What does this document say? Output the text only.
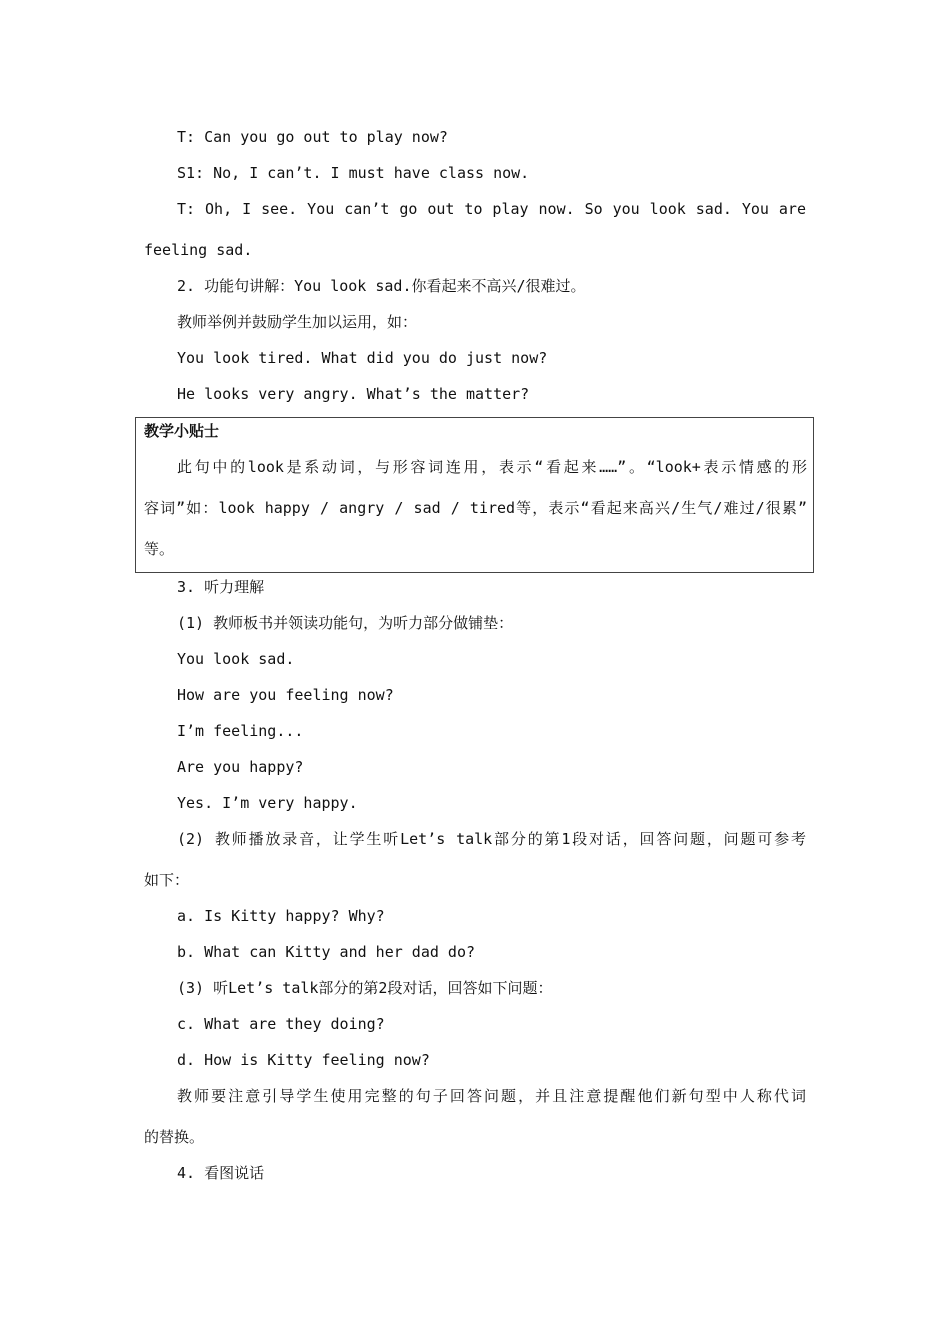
T: Can you go out to play now?
S1: No, I can’t. I must have class now.
T: Oh, I see. You can’t go out to play now. So you look sad. You are
feeling sad.
2. 功能句讲解：You look sad.你看起来不高兴/很难过。
教师举例并鼓励学生加以运用，如：
You look tired. What did you do just now?
He looks very angry. What’s the matter?
教学小贴士
此句中的look是系动词，与形容词连用，表示“看起来……”。“look+表示情感的形
容词”如：look happy / angry / sad / tired等，表示“看起来高兴/生气/难过/很累”
等。
3. 听力理解
(1) 教师板书并领读功能句，为听力部分做铺垫：
You look sad.
How are you feeling now?
I’m feeling...
Are you happy?
Yes. I’m very happy.
(2) 教师播放录音，让学生听Let’s talk部分的第1段对话，回答问题，问题可参考
如下：
a. Is Kitty happy? Why?
b. What can Kitty and her dad do?
(3) 听Let’s talk部分的第2段对话，回答如下问题：
c. What are they doing?
d. How is Kitty feeling now?
教师要注意引导学生使用完整的句子回答问题，并且注意提醒他们新句型中人称代词
的替换。
4. 看图说话
